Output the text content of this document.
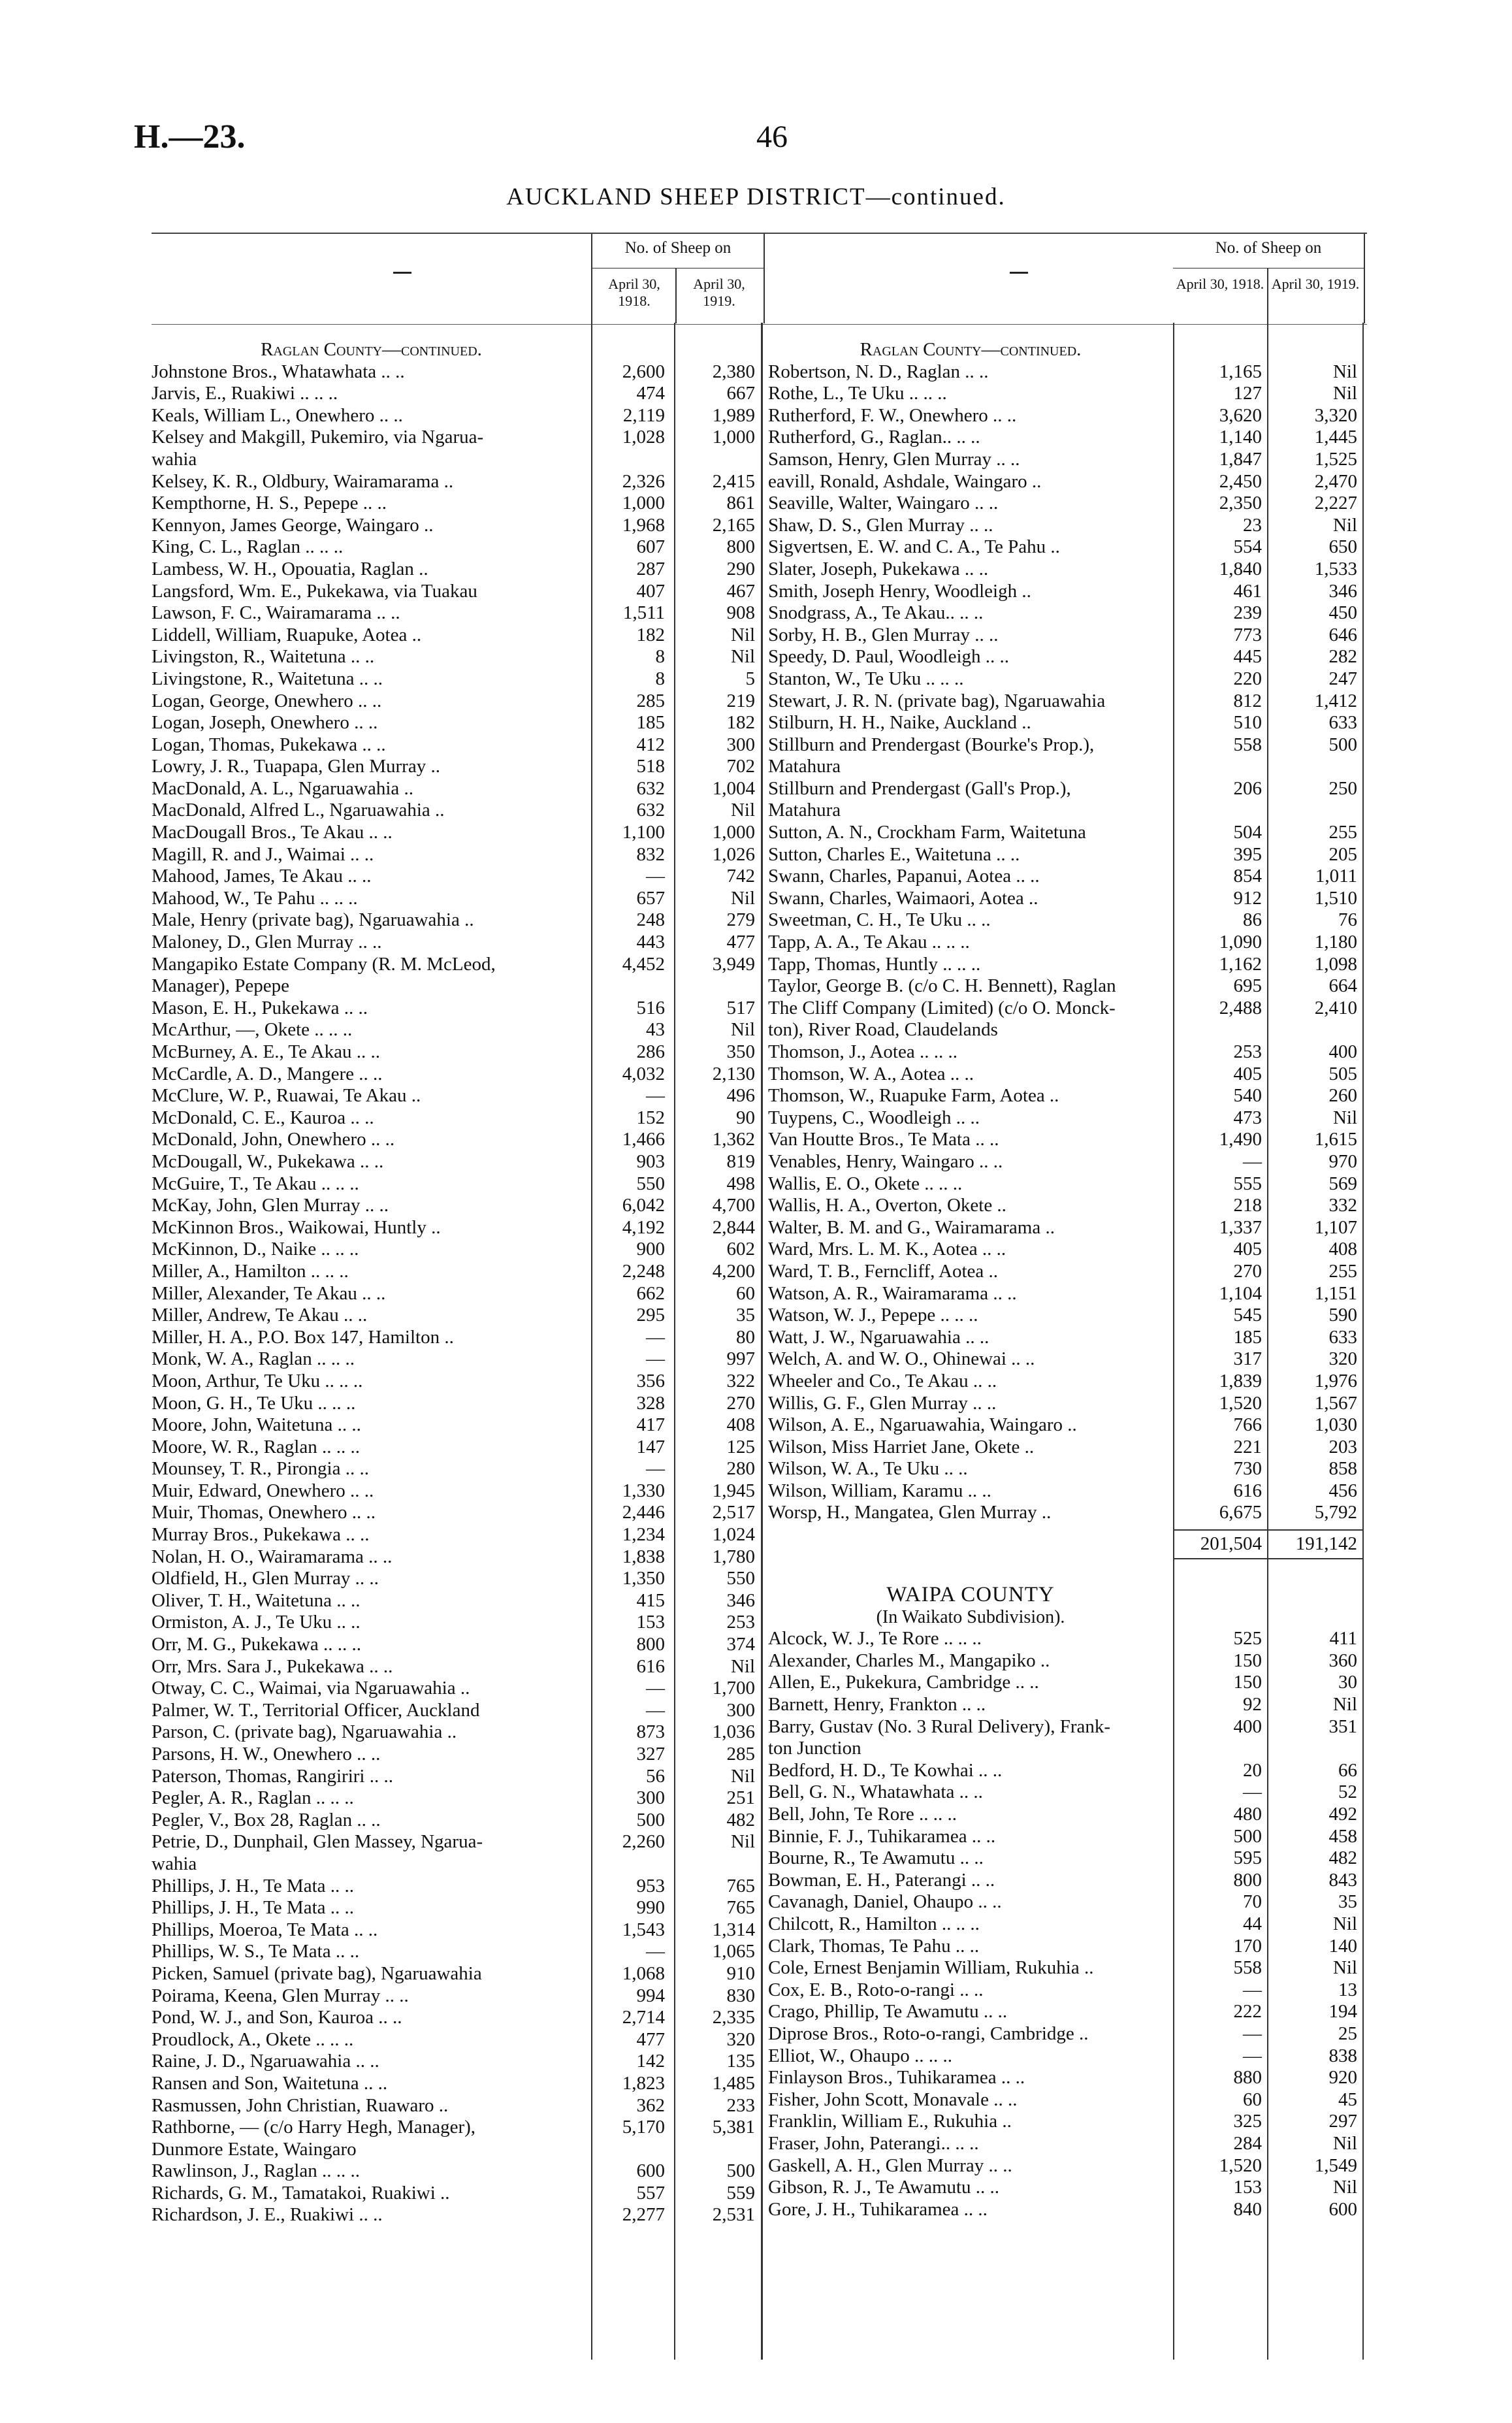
H.—23.	46
AUCKLAND SHEEP DISTRICT—continued.
No. of Sheep on
April 30, 1918.
April 30, 1919.
Raglan County—continued.
Johnstone Bros., Whatawhata .. ..	2,600	2,380
Jarvis, E., Ruakiwi .. .. ..	474	667
Keals, William L., Onewhero .. ..	2,119	1,989
Kelsey and Makgill, Pukemiro, via Ngarua-	1,028	1,000
wahia
Kelsey, K. R., Oldbury, Wairamarama ..	2,326	2,415
Kempthorne, H. S., Pepepe .. ..	1,000	861
Kennyon, James George, Waingaro ..	1,968	2,165
King, C. L., Raglan .. .. ..	607	800
Lambess, W. H., Opouatia, Raglan ..	287	290
Langsford, Wm. E., Pukekawa, via Tuakau	407	467
Lawson, F. C., Wairamarama .. ..	1,511	908
Liddell, William, Ruapuke, Aotea ..	182	Nil
Livingston, R., Waitetuna .. ..	8	Nil
Livingstone, R., Waitetuna .. ..	8	5
Logan, George, Onewhero .. ..	285	219
Logan, Joseph, Onewhero .. ..	185	182
Logan, Thomas, Pukekawa .. ..	412	300
Lowry, J. R., Tuapapa, Glen Murray ..	518	702
MacDonald, A. L., Ngaruawahia ..	632	1,004
MacDonald, Alfred L., Ngaruawahia ..	632	Nil
MacDougall Bros., Te Akau .. ..	1,100	1,000
Magill, R. and J., Waimai .. ..	832	1,026
Mahood, James, Te Akau .. ..	—	742
Mahood, W., Te Pahu .. .. ..	657	Nil
Male, Henry (private bag), Ngaruawahia ..	248	279
Maloney, D., Glen Murray .. ..	443	477
Mangapiko Estate Company (R. M. McLeod,	4,452	3,949
Manager), Pepepe
Mason, E. H., Pukekawa .. ..	516	517
McArthur, —, Okete .. .. ..	43	Nil
McBurney, A. E., Te Akau .. ..	286	350
McCardle, A. D., Mangere .. ..	4,032	2,130
McClure, W. P., Ruawai, Te Akau ..	—	496
McDonald, C. E., Kauroa .. ..	152	90
McDonald, John, Onewhero .. ..	1,466	1,362
McDougall, W., Pukekawa .. ..	903	819
McGuire, T., Te Akau .. .. ..	550	498
McKay, John, Glen Murray .. ..	6,042	4,700
McKinnon Bros., Waikowai, Huntly ..	4,192	2,844
McKinnon, D., Naike .. .. ..	900	602
Miller, A., Hamilton .. .. ..	2,248	4,200
Miller, Alexander, Te Akau .. ..	662	60
Miller, Andrew, Te Akau .. ..	295	35
Miller, H. A., P.O. Box 147, Hamilton ..	—	80
Monk, W. A., Raglan .. .. ..	—	997
Moon, Arthur, Te Uku .. .. ..	356	322
Moon, G. H., Te Uku .. .. ..	328	270
Moore, John, Waitetuna .. ..	417	408
Moore, W. R., Raglan .. .. ..	147	125
Mounsey, T. R., Pirongia .. ..	—	280
Muir, Edward, Onewhero .. ..	1,330	1,945
Muir, Thomas, Onewhero .. ..	2,446	2,517
Murray Bros., Pukekawa .. ..	1,234	1,024
Nolan, H. O., Wairamarama .. ..	1,838	1,780
Oldfield, H., Glen Murray .. ..	1,350	550
Oliver, T. H., Waitetuna .. ..	415	346
Ormiston, A. J., Te Uku .. ..	153	253
Orr, M. G., Pukekawa .. .. ..	800	374
Orr, Mrs. Sara J., Pukekawa .. ..	616	Nil
Otway, C. C., Waimai, via Ngaruawahia ..	—	1,700
Palmer, W. T., Territorial Officer, Auckland	—	300
Parson, C. (private bag), Ngaruawahia ..	873	1,036
Parsons, H. W., Onewhero .. ..	327	285
Paterson, Thomas, Rangiriri .. ..	56	Nil
Pegler, A. R., Raglan .. .. ..	300	251
Pegler, V., Box 28, Raglan .. ..	500	482
Petrie, D., Dunphail, Glen Massey, Ngarua-	2,260	Nil
wahia
Phillips, J. H., Te Mata .. ..	953	765
Phillips, J. H., Te Mata .. ..	990	765
Phillips, Moeroa, Te Mata .. ..	1,543	1,314
Phillips, W. S., Te Mata .. ..	—	1,065
Picken, Samuel (private bag), Ngaruawahia	1,068	910
Poirama, Keena, Glen Murray .. ..	994	830
Pond, W. J., and Son, Kauroa .. ..	2,714	2,335
Proudlock, A., Okete .. .. ..	477	320
Raine, J. D., Ngaruawahia .. ..	142	135
Ransen and Son, Waitetuna .. ..	1,823	1,485
Rasmussen, John Christian, Ruawaro ..	362	233
Rathborne, — (c/o Harry Hegh, Manager),	5,170	5,381
Dunmore Estate, Waingaro
Rawlinson, J., Raglan .. .. ..	600	500
Richards, G. M., Tamatakoi, Ruakiwi ..	557	559
Richardson, J. E., Ruakiwi .. ..	2,277	2,531
No. of Sheep on
April 30, 1918. April 30, 1919.
Raglan County—continued.
Robertson, N. D., Raglan .. ..	1,165	Nil
Rothe, L., Te Uku .. .. ..	127	Nil
Rutherford, F. W., Onewhero .. ..	3,620	3,320
Rutherford, G., Raglan.. .. ..	1,140	1,445
Samson, Henry, Glen Murray .. ..	1,847	1,525
eavill, Ronald, Ashdale, Waingaro ..	2,450	2,470
Seaville, Walter, Waingaro .. ..	2,350	2,227
Shaw, D. S., Glen Murray .. ..	23	Nil
Sigvertsen, E. W. and C. A., Te Pahu ..	554	650
Slater, Joseph, Pukekawa .. ..	1,840	1,533
Smith, Joseph Henry, Woodleigh ..	461	346
Snodgrass, A., Te Akau.. .. ..	239	450
Sorby, H. B., Glen Murray .. ..	773	646
Speedy, D. Paul, Woodleigh .. ..	445	282
Stanton, W., Te Uku .. .. ..	220	247
Stewart, J. R. N. (private bag), Ngaruawahia	812	1,412
Stilburn, H. H., Naike, Auckland ..	510	633
Stillburn and Prendergast (Bourke's Prop.),	558	500
Matahura
Stillburn and Prendergast (Gall's Prop.),	206	250
Matahura
Sutton, A. N., Crockham Farm, Waitetuna	504	255
Sutton, Charles E., Waitetuna .. ..	395	205
Swann, Charles, Papanui, Aotea .. ..	854	1,011
Swann, Charles, Waimaori, Aotea ..	912	1,510
Sweetman, C. H., Te Uku .. ..	86	76
Tapp, A. A., Te Akau .. .. ..	1,090	1,180
Tapp, Thomas, Huntly .. .. ..	1,162	1,098
Taylor, George B. (c/o C. H. Bennett), Raglan	695	664
The Cliff Company (Limited) (c/o O. Monck-	2,488	2,410
ton), River Road, Claudelands
Thomson, J., Aotea .. .. ..	253	400
Thomson, W. A., Aotea .. ..	405	505
Thomson, W., Ruapuke Farm, Aotea ..	540	260
Tuypens, C., Woodleigh .. ..	473	Nil
Van Houtte Bros., Te Mata .. ..	1,490	1,615
Venables, Henry, Waingaro .. ..	—	970
Wallis, E. O., Okete .. .. ..	555	569
Wallis, H. A., Overton, Okete ..	218	332
Walter, B. M. and G., Wairamarama ..	1,337	1,107
Ward, Mrs. L. M. K., Aotea .. ..	405	408
Ward, T. B., Ferncliff, Aotea ..	270	255
Watson, A. R., Wairamarama .. ..	1,104	1,151
Watson, W. J., Pepepe .. .. ..	545	590
Watt, J. W., Ngaruawahia .. ..	185	633
Welch, A. and W. O., Ohinewai .. ..	317	320
Wheeler and Co., Te Akau .. ..	1,839	1,976
Willis, G. F., Glen Murray .. ..	1,520	1,567
Wilson, A. E., Ngaruawahia, Waingaro ..	766	1,030
Wilson, Miss Harriet Jane, Okete ..	221	203
Wilson, W. A., Te Uku .. ..	730	858
Wilson, William, Karamu .. ..	616	456
Worsp, H., Mangatea, Glen Murray ..	6,675	5,792
201,504	191,142
WAIPA COUNTY
(In Waikato Subdivision).
Alcock, W. J., Te Rore .. .. ..	525	411
Alexander, Charles M., Mangapiko ..	150	360
Allen, E., Pukekura, Cambridge .. ..	150	30
Barnett, Henry, Frankton .. ..	92	Nil
Barry, Gustav (No. 3 Rural Delivery), Frank-	400	351
ton Junction
Bedford, H. D., Te Kowhai .. ..	20	66
Bell, G. N., Whatawhata .. ..	—	52
Bell, John, Te Rore .. .. ..	480	492
Binnie, F. J., Tuhikaramea .. ..	500	458
Bourne, R., Te Awamutu .. ..	595	482
Bowman, E. H., Paterangi .. ..	800	843
Cavanagh, Daniel, Ohaupo .. ..	70	35
Chilcott, R., Hamilton .. .. ..	44	Nil
Clark, Thomas, Te Pahu .. ..	170	140
Cole, Ernest Benjamin William, Rukuhia ..	558	Nil
Cox, E. B., Roto-o-rangi .. ..	—	13
Crago, Phillip, Te Awamutu .. ..	222	194
Diprose Bros., Roto-o-rangi, Cambridge ..	—	25
Elliot, W., Ohaupo .. .. ..	—	838
Finlayson Bros., Tuhikaramea .. ..	880	920
Fisher, John Scott, Monavale .. ..	60	45
Franklin, William E., Rukuhia ..	325	297
Fraser, John, Paterangi.. .. ..	284	Nil
Gaskell, A. H., Glen Murray .. ..	1,520	1,549
Gibson, R. J., Te Awamutu .. ..	153	Nil
Gore, J. H., Tuhikaramea .. ..	840	600
